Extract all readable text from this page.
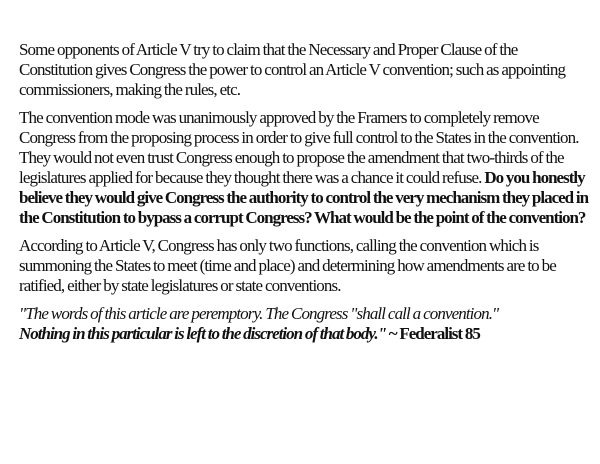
Some opponents of Article V try to claim that the Necessary and Proper Clause of the Constitution gives Congress the power to control an Article V convention; such as appointing commissioners, making the rules, etc.

The convention mode was unanimously approved by the Framers to completely remove Congress from the proposing process in order to give full control to the States in the convention. They would not even trust Congress enough to propose the amendment that two-thirds of the legislatures applied for because they thought there was a chance it could refuse. Do you honestly believe they would give Congress the authority to control the very mechanism they placed in the Constitution to bypass a corrupt Congress? What would be the point of the convention?

According to Article V, Congress has only two functions, calling the convention which is summoning the States to meet (time and place) and determining how amendments are to be ratified, either by state legislatures or state conventions.

"The words of this article are peremptory. The Congress "shall call a convention."
Nothing in this particular is left to the discretion of that body." ~ Federalist 85
